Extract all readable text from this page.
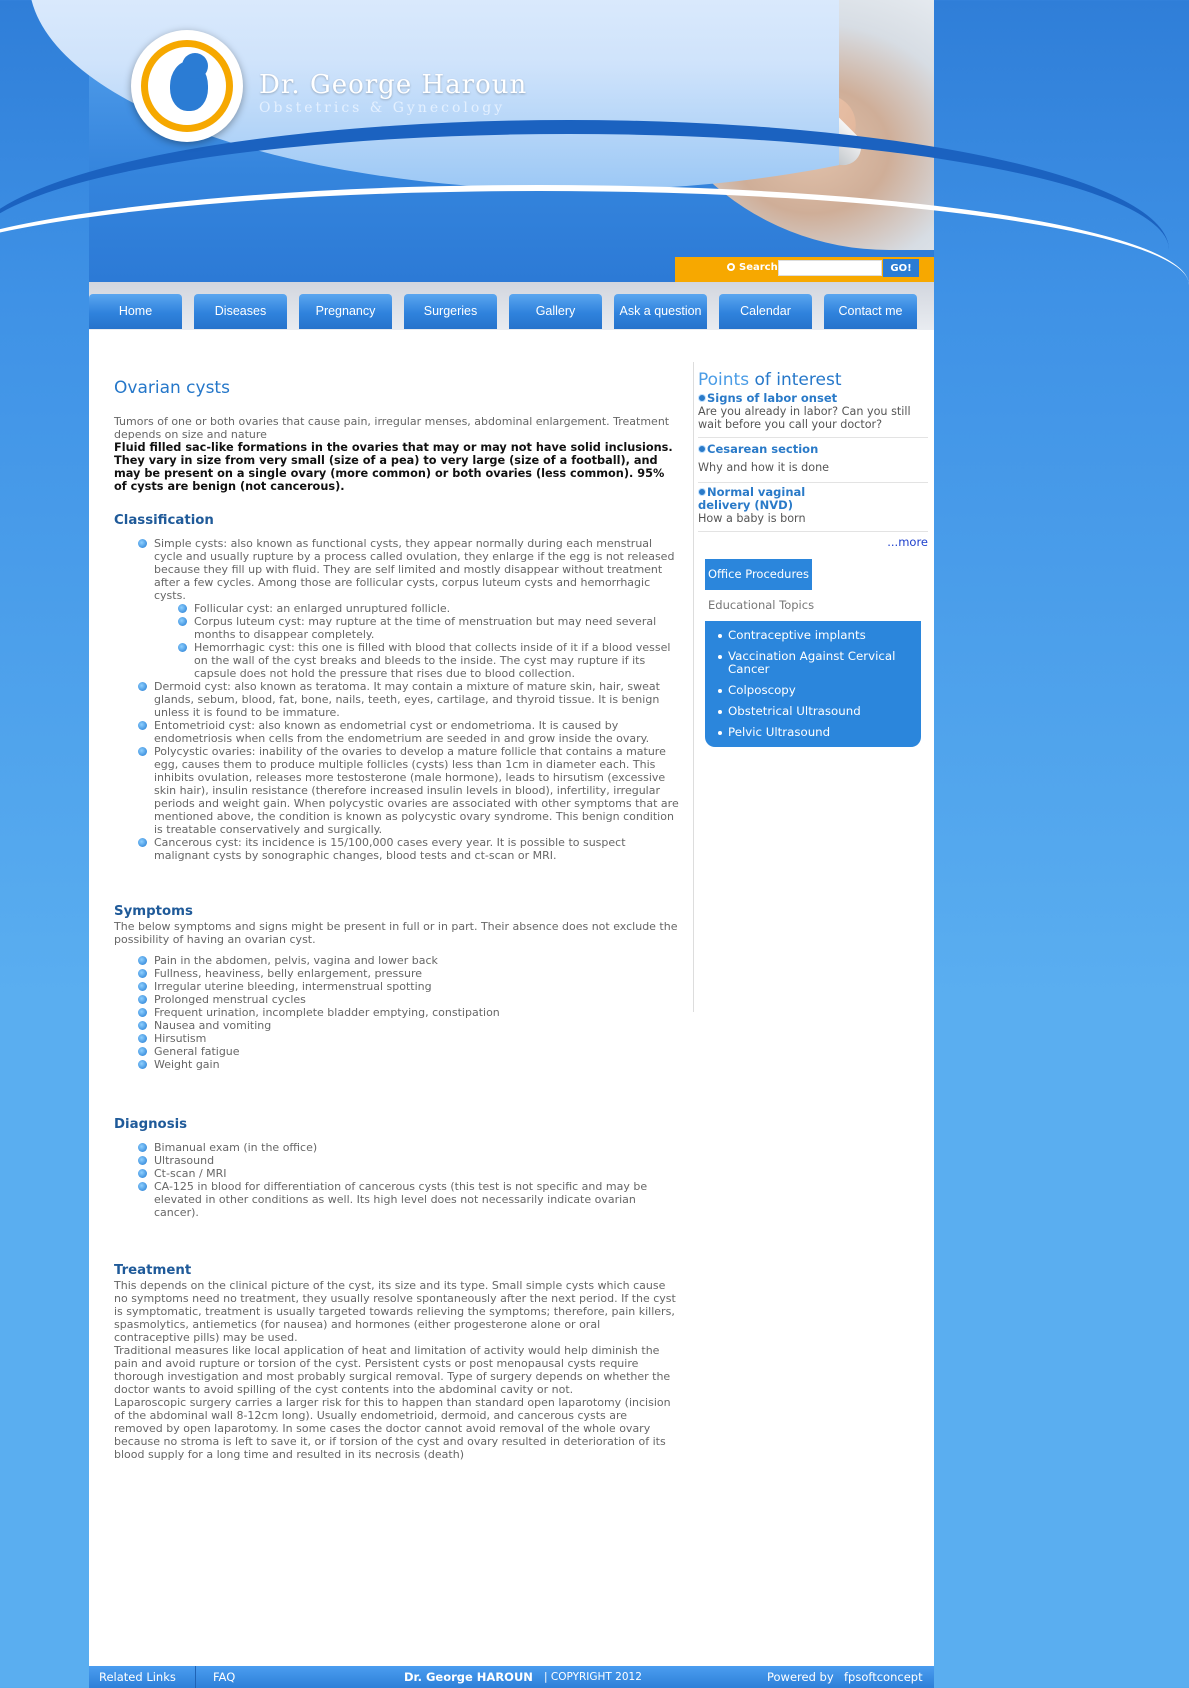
Dr. George Haroun
Obstetrics & Gynecology
Search	GO!
Home	Diseases	Pregnancy	Surgeries	Gallery	Ask a question	Calendar	Contact me
Ovarian cysts

Tumors of one or both ovaries that cause pain, irregular menses, abdominal enlargement. Treatment depends on size and nature

Fluid filled sac-like formations in the ovaries that may or may not have solid inclusions. They vary in size from very small (size of a pea) to very large (size of a football), and may be present on a single ovary (more common) or both ovaries (less common). 95% of cysts are benign (not cancerous).

Classification
Simple cysts: also known as functional cysts, they appear normally during each menstrual cycle and usually rupture by a process called ovulation, they enlarge if the egg is not released because they fill up with fluid. They are self limited and mostly disappear without treatment after a few cycles. Among those are follicular cysts, corpus luteum cysts and hemorrhagic cysts.
Follicular cyst: an enlarged unruptured follicle.
Corpus luteum cyst: may rupture at the time of menstruation but may need several months to disappear completely.
Hemorrhagic cyst: this one is filled with blood that collects inside of it if a blood vessel on the wall of the cyst breaks and bleeds to the inside. The cyst may rupture if its capsule does not hold the pressure that rises due to blood collection.
Dermoid cyst: also known as teratoma. It may contain a mixture of mature skin, hair, sweat glands, sebum, blood, fat, bone, nails, teeth, eyes, cartilage, and thyroid tissue. It is benign unless it is found to be immature.
Entometrioid cyst: also known as endometrial cyst or endometrioma. It is caused by endometriosis when cells from the endometrium are seeded in and grow inside the ovary.
Polycystic ovaries: inability of the ovaries to develop a mature follicle that contains a mature egg, causes them to produce multiple follicles (cysts) less than 1cm in diameter each. This inhibits ovulation, releases more testosterone (male hormone), leads to hirsutism (excessive skin hair), insulin resistance (therefore increased insulin levels in blood), infertility, irregular periods and weight gain. When polycystic ovaries are associated with other symptoms that are mentioned above, the condition is known as polycystic ovary syndrome. This benign condition is treatable conservatively and surgically.
Cancerous cyst: its incidence is 15/100,000 cases every year. It is possible to suspect malignant cysts by sonographic changes, blood tests and ct-scan or MRI.
Symptoms

The below symptoms and signs might be present in full or in part. Their absence does not exclude the possibility of having an ovarian cyst.

Pain in the abdomen, pelvis, vagina and lower back
Fullness, heaviness, belly enlargement, pressure
Irregular uterine bleeding, intermenstrual spotting
Prolonged menstrual cycles
Frequent urination, incomplete bladder emptying, constipation
Nausea and vomiting
Hirsutism
General fatigue
Weight gain
Diagnosis
Bimanual exam (in the office)
Ultrasound
Ct-scan / MRI
CA-125 in blood for differentiation of cancerous cysts (this test is not specific and may be elevated in other conditions as well. Its high level does not necessarily indicate ovarian cancer).
Treatment

This depends on the clinical picture of the cyst, its size and its type. Small simple cysts which cause no symptoms need no treatment, they usually resolve spontaneously after the next period. If the cyst is symptomatic, treatment is usually targeted towards relieving the symptoms; therefore, pain killers, spasmolytics, antiemetics (for nausea) and hormones (either progesterone alone or oral contraceptive pills) may be used.

Traditional measures like local application of heat and limitation of activity would help diminish the pain and avoid rupture or torsion of the cyst. Persistent cysts or post menopausal cysts require thorough investigation and most probably surgical removal. Type of surgery depends on whether the doctor wants to avoid spilling of the cyst contents into the abdominal cavity or not.

Laparoscopic surgery carries a larger risk for this to happen than standard open laparotomy (incision of the abdominal wall 8-12cm long). Usually endometrioid, dermoid, and cancerous cysts are removed by open laparotomy. In some cases the doctor cannot avoid removal of the whole ovary because no stroma is left to save it, or if torsion of the cyst and ovary resulted in deterioration of its blood supply for a long time and resulted in its necrosis (death)

Points of interest
Signs of labor onset
Are you already in labor? Can you still wait before you call your doctor?
Cesarean section
Why and how it is done
Normal vaginal delivery (NVD)
How a baby is born
...more
Office ProceduresEducational Topics
Contraceptive implants
Vaccination Against Cervical Cancer
Colposcopy
Obstetrical Ultrasound
Pelvic Ultrasound
Mammography
Related Links	FAQ	Dr. George HAROUN | COPYRIGHT 2012	Powered by fpsoftconcept
